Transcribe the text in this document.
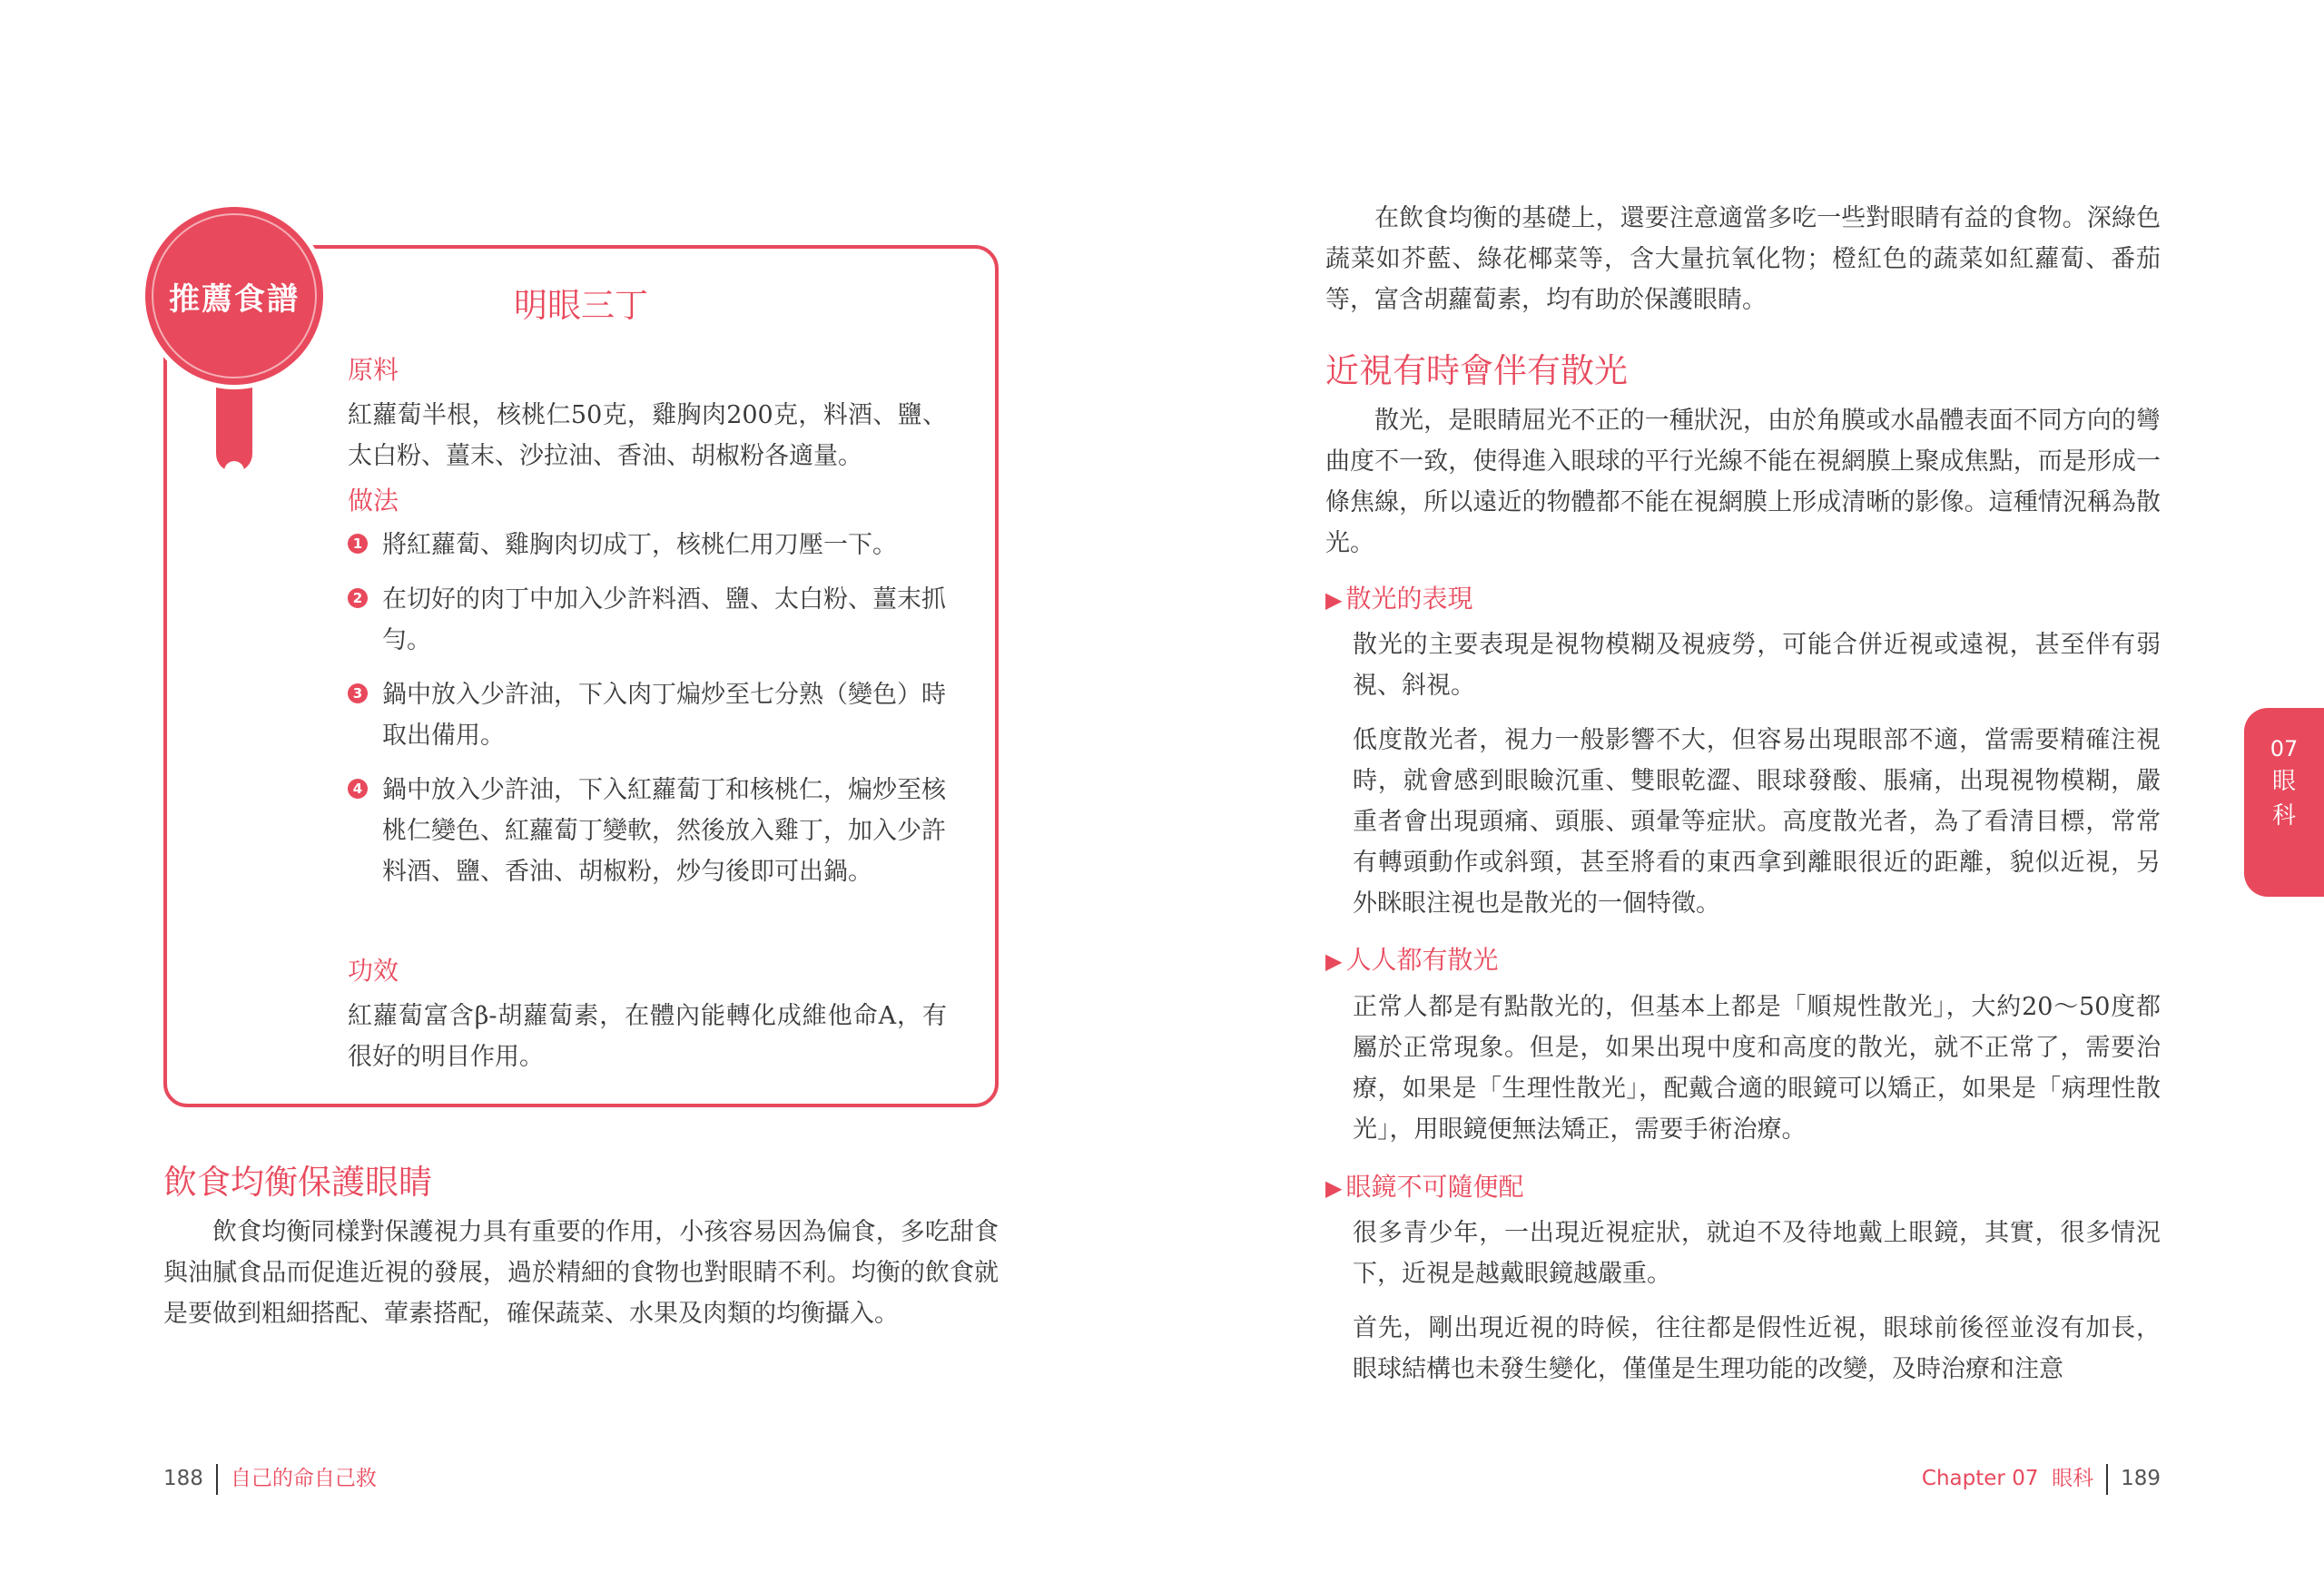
推薦食譜	明眼三丁
原料

紅蘿蔔半根，核桃仁50克，雞胸肉200克，料酒、鹽、太白粉、薑末、沙拉油、香油、胡椒粉各適量。

做法
1 將紅蘿蔔、雞胸肉切成丁，核桃仁用刀壓一下。
2 在切好的肉丁中加入少許料酒、鹽、太白粉、薑末抓勻。
3 鍋中放入少許油，下入肉丁煸炒至七分熟（變色）時取出備用。
4 鍋中放入少許油，下入紅蘿蔔丁和核桃仁，煸炒至核桃仁變色、紅蘿蔔丁變軟，然後放入雞丁，加入少許料酒、鹽、香油、胡椒粉，炒勻後即可出鍋。
功效

紅蘿蔔富含β-胡蘿蔔素，在體內能轉化成維他命A，有很好的明目作用。

飲食均衡保護眼睛

飲食均衡同樣對保護視力具有重要的作用，小孩容易因為偏食，多吃甜食與油膩食品而促進近視的發展，過於精細的食物也對眼睛不利。均衡的飲食就是要做到粗細搭配、葷素搭配，確保蔬菜、水果及肉類的均衡攝入。

188 自己的命自己救

在飲食均衡的基礎上，還要注意適當多吃一些對眼睛有益的食物。深綠色蔬菜如芥藍、綠花椰菜等，含大量抗氧化物；橙紅色的蔬菜如紅蘿蔔、番茄等，富含胡蘿蔔素，均有助於保護眼睛。

近視有時會伴有散光

散光，是眼睛屈光不正的一種狀況，由於角膜或水晶體表面不同方向的彎曲度不一致，使得進入眼球的平行光線不能在視網膜上聚成焦點，而是形成一條焦線，所以遠近的物體都不能在視網膜上形成清晰的影像。這種情況稱為散光。

▶ 散光的表現

散光的主要表現是視物模糊及視疲勞，可能合併近視或遠視，甚至伴有弱視、斜視。

低度散光者，視力一般影響不大，但容易出現眼部不適，當需要精確注視時，就會感到眼瞼沉重、雙眼乾澀、眼球發酸、脹痛，出現視物模糊，嚴重者會出現頭痛、頭脹、頭暈等症狀。高度散光者，為了看清目標，常常有轉頭動作或斜頸，甚至將看的東西拿到離眼很近的距離，貌似近視，另外眯眼注視也是散光的一個特徵。

▶ 人人都有散光

正常人都是有點散光的，但基本上都是「順規性散光」，大約20～50度都屬於正常現象。但是，如果出現中度和高度的散光，就不正常了，需要治療，如果是「生理性散光」，配戴合適的眼鏡可以矯正，如果是「病理性散光」，用眼鏡便無法矯正，需要手術治療。

▶ 眼鏡不可隨便配

很多青少年，一出現近視症狀，就迫不及待地戴上眼鏡，其實，很多情況下，近視是越戴眼鏡越嚴重。

首先，剛出現近視的時候，往往都是假性近視，眼球前後徑並沒有加長，眼球結構也未發生變化，僅僅是生理功能的改變，及時治療和注意

07
眼
科
Chapter 07 眼科 189
